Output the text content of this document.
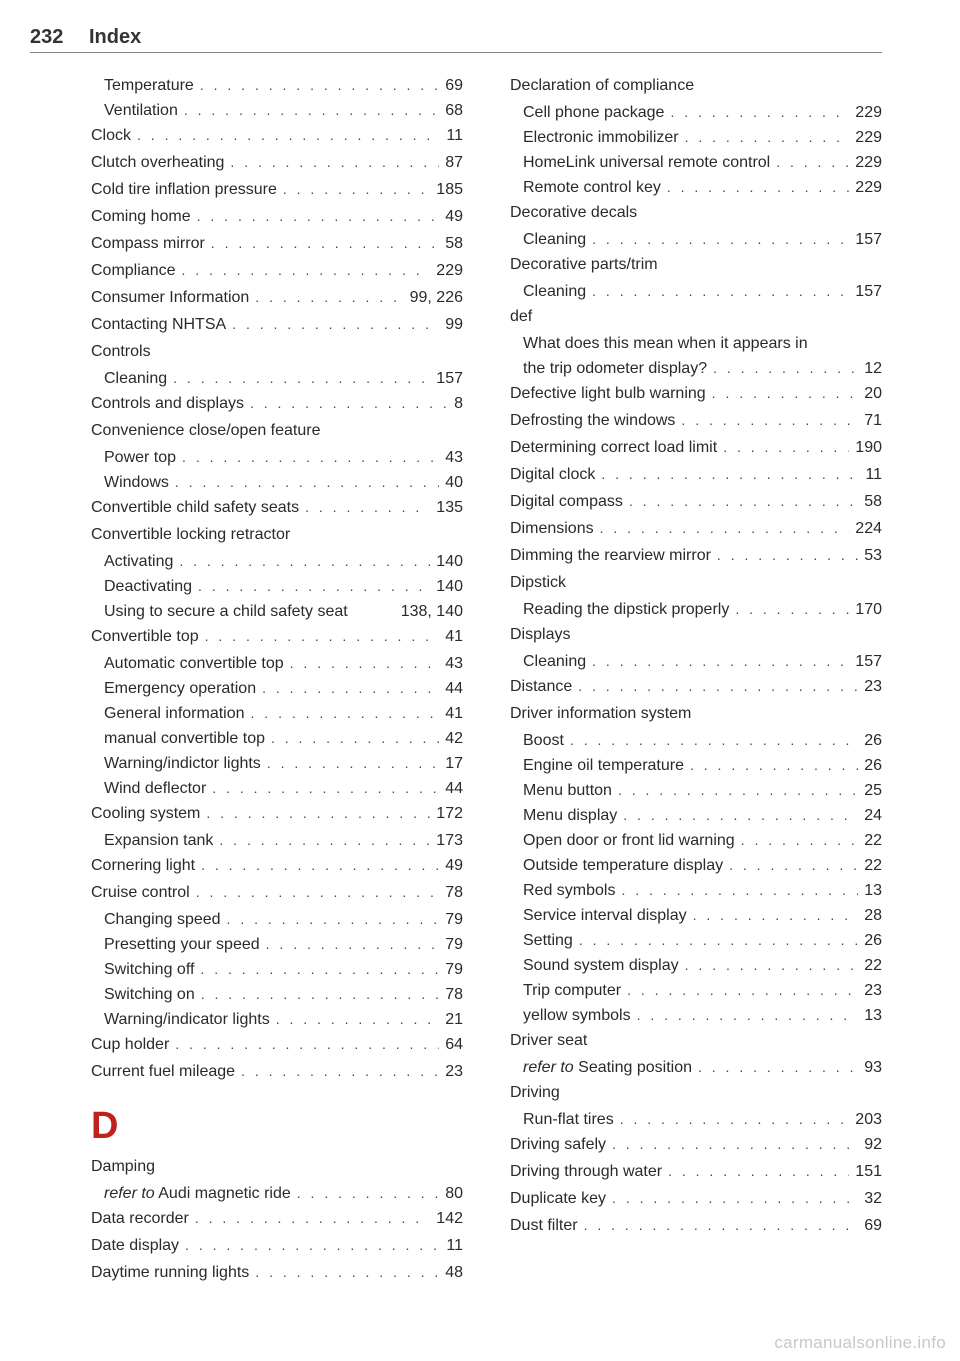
232 Index
Temperature . . .	69
Ventilation . . .	68
Clock . . .	11
Clutch overheating . . .	87
Cold tire inflation pressure . . .	185
Coming home . . .	49
Compass mirror . . .	58
Compliance . . .	229
Consumer Information . . .	99, 226
Contacting NHTSA . . .	99
Controls
Cleaning . . .	157
Controls and displays . . .	8
Convenience close/open feature
Power top . . .	43
Windows . . .	40
Convertible child safety seats . . .	135
Convertible locking retractor
Activating . . .	140
Deactivating . . .	140
Using to secure a child safety seat	138, 140
Convertible top . . .	41
Automatic convertible top . . .	43
Emergency operation . . .	44
General information . . .	41
manual convertible top . . .	42
Warning/indictor lights . . .	17
Wind deflector . . .	44
Cooling system . . .	172
Expansion tank . . .	173
Cornering light . . .	49
Cruise control . . .	78
Changing speed . . .	79
Presetting your speed . . .	79
Switching off . . .	79
Switching on . . .	78
Warning/indicator lights . . .	21
Cup holder . . .	64
Current fuel mileage . . .	23
D
Damping
refer to Audi magnetic ride . . .	80
Data recorder . . .	142
Date display . . .	11
Daytime running lights . . .	48
Declaration of compliance
Cell phone package . . .	229
Electronic immobilizer . . .	229
HomeLink universal remote control . . .	229
Remote control key . . .	229
Decorative decals
Cleaning . . .	157
Decorative parts/trim
Cleaning . . .	157
def
What does this mean when it appears in
the trip odometer display? . . .	12
Defective light bulb warning . . .	20
Defrosting the windows . . .	71
Determining correct load limit . . .	190
Digital clock . . .	11
Digital compass . . .	58
Dimensions . . .	224
Dimming the rearview mirror . . .	53
Dipstick
Reading the dipstick properly . . .	170
Displays
Cleaning . . .	157
Distance . . .	23
Driver information system
Boost . . .	26
Engine oil temperature . . .	26
Menu button . . .	25
Menu display . . .	24
Open door or front lid warning . . .	22
Outside temperature display . . .	22
Red symbols . . .	13
Service interval display . . .	28
Setting . . .	26
Sound system display . . .	22
Trip computer . . .	23
yellow symbols . . .	13
Driver seat
refer to Seating position . . .	93
Driving
Run-flat tires . . .	203
Driving safely . . .	92
Driving through water . . .	151
Duplicate key . . .	32
Dust filter . . .	69
carmanualsonline.info
